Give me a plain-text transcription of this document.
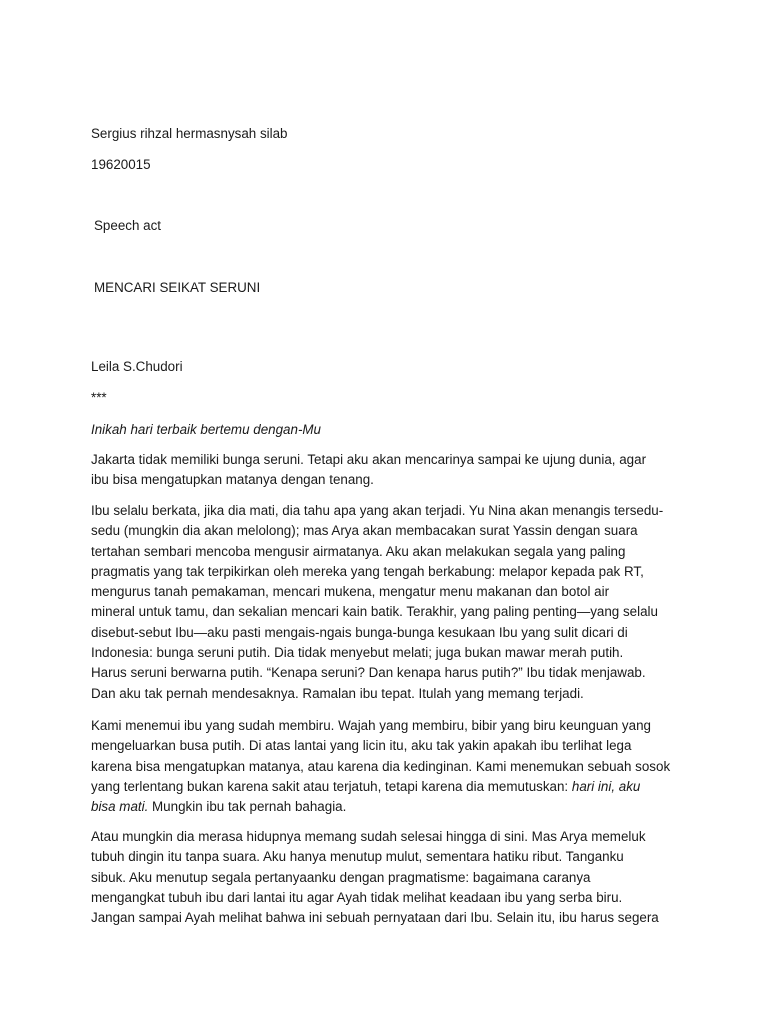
Sergius rihzal hermasnysah silab

19620015

Speech act

MENCARI SEIKAT SERUNI

Leila S.Chudori

***

Inikah hari terbaik bertemu dengan-Mu

Jakarta tidak memiliki bunga seruni. Tetapi aku akan mencarinya sampai ke ujung dunia, agar
ibu bisa mengatupkan matanya dengan tenang.
Ibu selalu berkata, jika dia mati, dia tahu apa yang akan terjadi. Yu Nina akan menangis tersedu-
sedu (mungkin dia akan melolong); mas Arya akan membacakan surat Yassin dengan suara
tertahan sembari mencoba mengusir airmatanya. Aku akan melakukan segala yang paling
pragmatis yang tak terpikirkan oleh mereka yang tengah berkabung: melapor kepada pak RT,
mengurus tanah pemakaman, mencari mukena, mengatur menu makanan dan botol air
mineral untuk tamu, dan sekalian mencari kain batik. Terakhir, yang paling penting—yang selalu
disebut-sebut Ibu—aku pasti mengais-ngais bunga-bunga kesukaan Ibu yang sulit dicari di
Indonesia: bunga seruni putih. Dia tidak menyebut melati; juga bukan mawar merah putih.
Harus seruni berwarna putih. “Kenapa seruni? Dan kenapa harus putih?” Ibu tidak menjawab.
Dan aku tak pernah mendesaknya. Ramalan ibu tepat. Itulah yang memang terjadi.
Kami menemui ibu yang sudah membiru. Wajah yang membiru, bibir yang biru keunguan yang
mengeluarkan busa putih. Di atas lantai yang licin itu, aku tak yakin apakah ibu terlihat lega
karena bisa mengatupkan matanya, atau karena dia kedinginan. Kami menemukan sebuah sosok
yang terlentang bukan karena sakit atau terjatuh, tetapi karena dia memutuskan: hari ini, aku
bisa mati. Mungkin ibu tak pernah bahagia.
Atau mungkin dia merasa hidupnya memang sudah selesai hingga di sini. Mas Arya memeluk
tubuh dingin itu tanpa suara. Aku hanya menutup mulut, sementara hatiku ribut. Tanganku
sibuk. Aku menutup segala pertanyaanku dengan pragmatisme: bagaimana caranya
mengangkat tubuh ibu dari lantai itu agar Ayah tidak melihat keadaan ibu yang serba biru.
Jangan sampai Ayah melihat bahwa ini sebuah pernyataan dari Ibu. Selain itu, ibu harus segera
